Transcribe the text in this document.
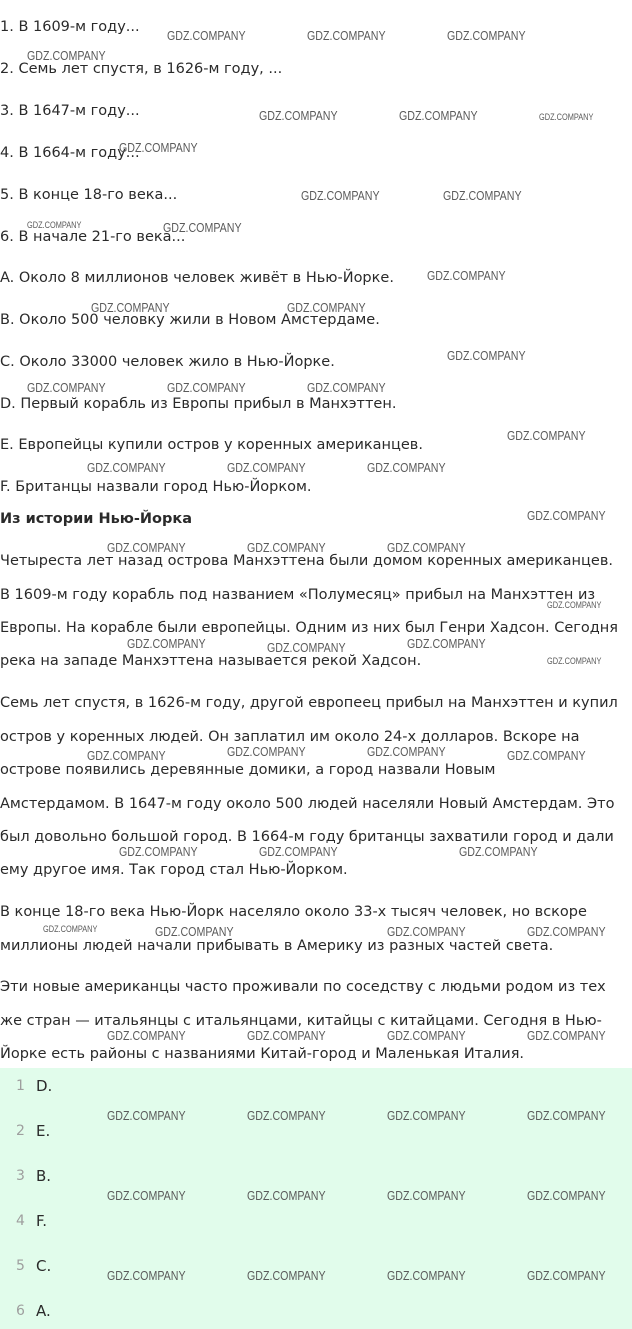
1. В 1609-м году...
2. Семь лет спустя, в 1626-м году, ...
3. В 1647-м году...
4. В 1664-м году...
5. В конце 18-го века...
6. В начале 21-го века...
A. Около 8 миллионов человек живёт в Нью-Йорке.
B. Около 500 человку жили в Новом Амстердаме.
C. Около 33000 человек жило в Нью-Йорке.
D. Первый корабль из Европы прибыл в Манхэттен.
E. Европейцы купили остров у коренных американцев.
F. Британцы назвали город Нью-Йорком.
Из истории Нью-Йорка
Четыреста лет назад острова Манхэттена были домом коренных американцев.
В 1609-м году корабль под названием «Полумесяц» прибыл на Манхэттен из
Европы. На корабле были европейцы. Одним из них был Генри Хадсон. Сегодня
река на западе Манхэттена называется рекой Хадсон.
Семь лет спустя, в 1626-м году, другой европеец прибыл на Манхэттен и купил
остров у коренных людей. Он заплатил им около 24-х долларов. Вскоре на
острове появились деревянные домики, а город назвали Новым
Амстердамом. В 1647-м году около 500 людей населяли Новый Амстердам. Это
был довольно большой город. В 1664-м году британцы захватили город и дали
ему другое имя. Так город стал Нью-Йорком.
В конце 18-го века Нью-Йорк населяло около 33-х тысяч человек, но вскоре
миллионы людей начали прибывать в Америку из разных частей света.
Эти новые американцы часто проживали по соседству с людьми родом из тех
же стран — итальянцы с итальянцами, китайцы с китайцами. Сегодня в Нью-
Йорке есть районы с названиями Китай-город и Маленькая Италия.
1 D.
2 E.
3 B.
4 F.
5 C.
6 A.
GDZ.COMPANY	GDZ.COMPANY	GDZ.COMPANY
GDZ.COMPANY
GDZ.COMPANY	GDZ.COMPANY	GDZ.COMPANY
GDZ.COMPANY
GDZ.COMPANY	GDZ.COMPANY
GDZ.COMPANY	GDZ.COMPANY
GDZ.COMPANY
GDZ.COMPANY	GDZ.COMPANY
GDZ.COMPANY
GDZ.COMPANY	GDZ.COMPANY	GDZ.COMPANY
GDZ.COMPANY
GDZ.COMPANY	GDZ.COMPANY	GDZ.COMPANY
GDZ.COMPANY
GDZ.COMPANY	GDZ.COMPANY	GDZ.COMPANY
GDZ.COMPANY
GDZ.COMPANY	GDZ.COMPANY	GDZ.COMPANY
GDZ.COMPANY
GDZ.COMPANY	GDZ.COMPANY	GDZ.COMPANY	GDZ.COMPANY
GDZ.COMPANY	GDZ.COMPANY	GDZ.COMPANY
GDZ.COMPANY	GDZ.COMPANY	GDZ.COMPANY	GDZ.COMPANY
GDZ.COMPANY	GDZ.COMPANY	GDZ.COMPANY	GDZ.COMPANY
GDZ.COMPANY	GDZ.COMPANY	GDZ.COMPANY	GDZ.COMPANY
GDZ.COMPANY	GDZ.COMPANY	GDZ.COMPANY	GDZ.COMPANY
GDZ.COMPANY	GDZ.COMPANY	GDZ.COMPANY	GDZ.COMPANY
